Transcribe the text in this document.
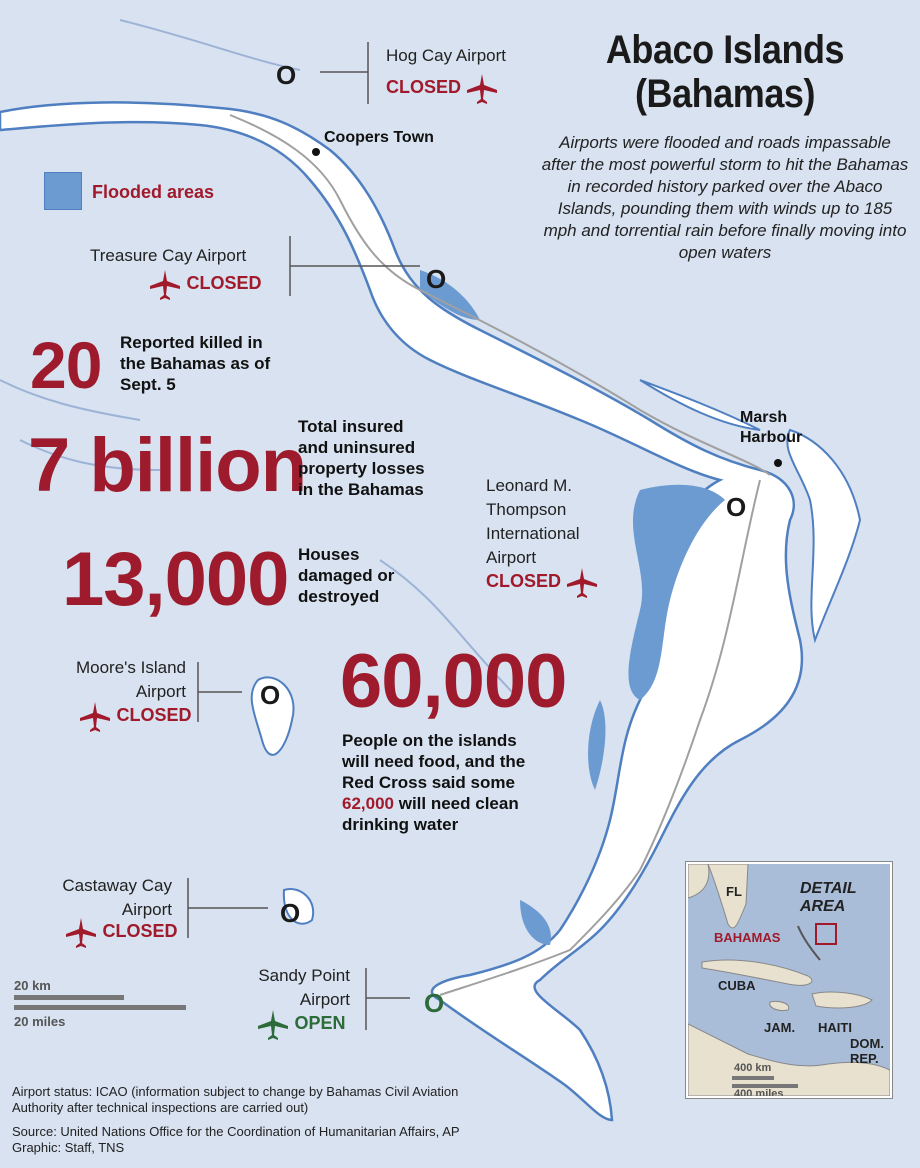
Abaco Islands
(Bahamas)
Airports were flooded and roads impassable after the most powerful storm to hit the Bahamas in recorded history parked over the Abaco Islands, pounding them with winds up to 185 mph and torrential rain before finally moving into open waters
Flooded areas
Coopers Town
Marsh
Harbour
Hog Cay Airport
CLOSED
O
Treasure Cay Airport
CLOSED	O
Leonard M.
Thompson
International
Airport
CLOSED
O
Moore's Island
Airport
CLOSED
O
Castaway Cay
Airport
CLOSED
O
Sandy Point
Airport
OPEN
O
20 Reported killed in
the Bahamas as of
Sept. 5
7 billion
Total insured
and uninsured
property losses
in the Bahamas
13,000 Houses
damaged or
destroyed
60,000
People on the islands
will need food, and the
Red Cross said some
62,000 will need clean
drinking water
20 km
20 miles
FL	DETAIL
AREA
BAHAMAS
CUBA
JAM. HAITI
DOM.
REP.
400 km
400 miles
Airport status: ICAO (information subject to change by Bahamas Civil Aviation
Authority after technical inspections are carried out)
Source: United Nations Office for the Coordination of Humanitarian Affairs, AP
Graphic: Staff, TNS
